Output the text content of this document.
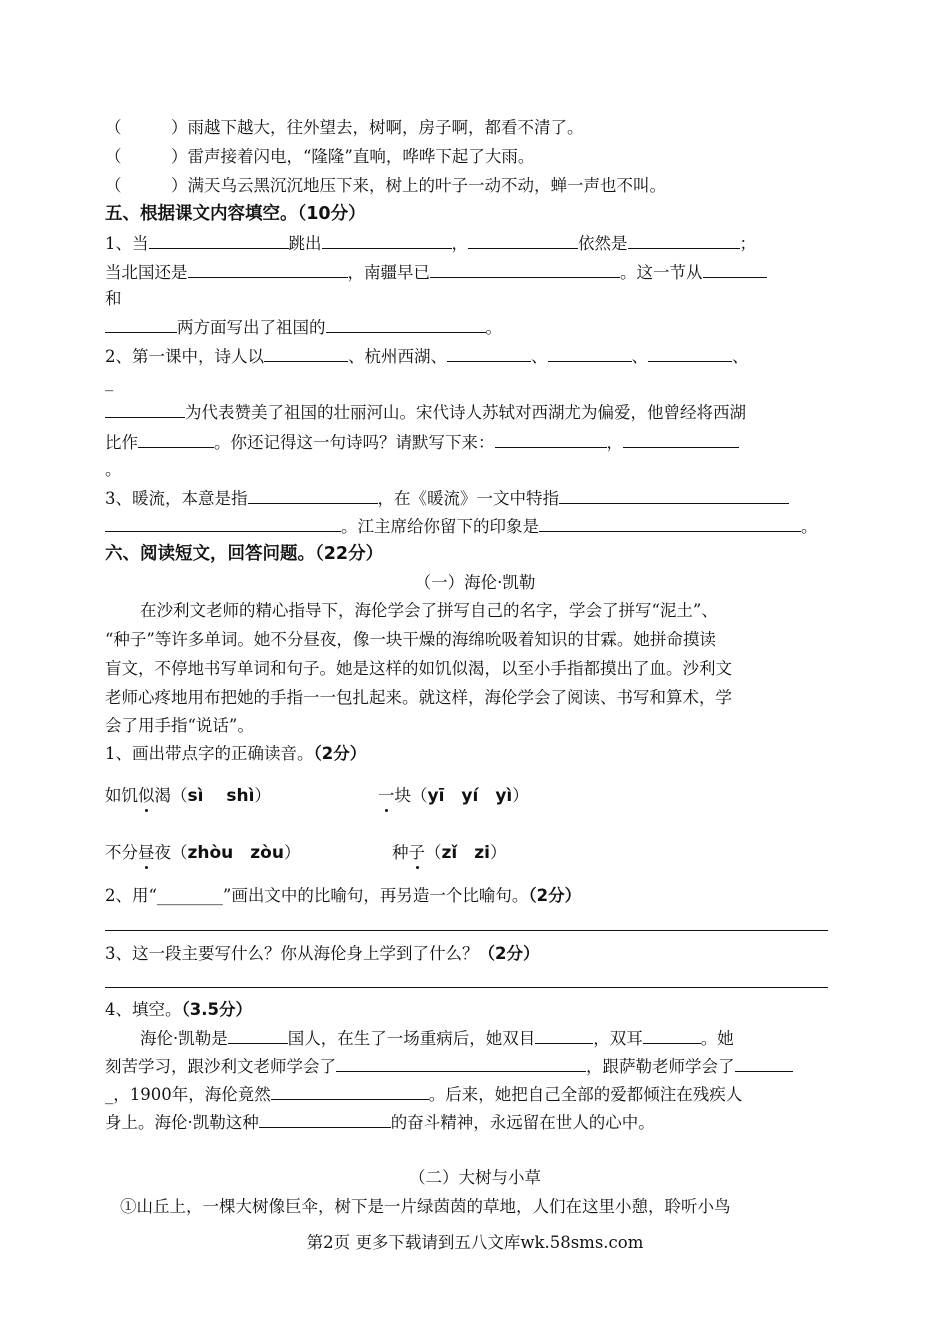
（　　　）雨越下越大，往外望去，树啊，房子啊，都看不清了。
（　　　）雷声接着闪电，“隆隆”直响，哗哗下起了大雨。
（　　　）满天乌云黑沉沉地压下来，树上的叶子一动不动，蝉一声也不叫。
五、根据课文内容填空。（10分）
1、当	跳出	，	依然是	；
当北国还是	，南疆早已	。这一节从
和
两方面写出了祖国的	。
2、第一课中，诗人以	、杭州西湖、	、	、	、
_
为代表赞美了祖国的壮丽河山。宋代诗人苏轼对西湖尤为偏爱，他曾经将西湖
比作	。你还记得这一句诗吗？请默写下来：	，
。
3、暖流，本意是指	，在《暖流》一文中特指
。江主席给你留下的印象是	。
六、阅读短文，回答问题。（22分）
（一）海伦·凯勒
在沙利文老师的精心指导下，海伦学会了拼写自己的名字，学会了拼写“泥土”、
“种子”等许多单词。她不分昼夜，像一块干燥的海绵吮吸着知识的甘霖。她拼命摸读
盲文，不停地书写单词和句子。她是这样的如饥似渴，以至小手指都摸出了血。沙利文
老师心疼地用布把她的手指一一包扎起来。就这样，海伦学会了阅读、书写和算术，学
会了用手指“说话”。
1、画出带点字的正确读音。（2分）
如饥似渴（sì　 shì）	一块（yī　yí　yì）
不分昼夜（zhòu　zòu）	种子（zǐ　zi）
2、用“________”画出文中的比喻句，再另造一个比喻句。（2分）
3、这一段主要写什么？你从海伦身上学到了什么？（2分）
4、填空。（3.5分）
海伦·凯勒是	国人，在生了一场重病后，她双目	，双耳	。她
刻苦学习，跟沙利文老师学会了	，跟萨勒老师学会了
_，1900年，海伦竟然	。后来，她把自己全部的爱都倾注在残疾人
身上。海伦·凯勒这种	的奋斗精神，永远留在世人的心中。
（二）大树与小草
①山丘上，一棵大树像巨伞，树下是一片绿茵茵的草地，人们在这里小憩，聆听小鸟
第2页 更多下载请到五八文库wk.58sms.com
